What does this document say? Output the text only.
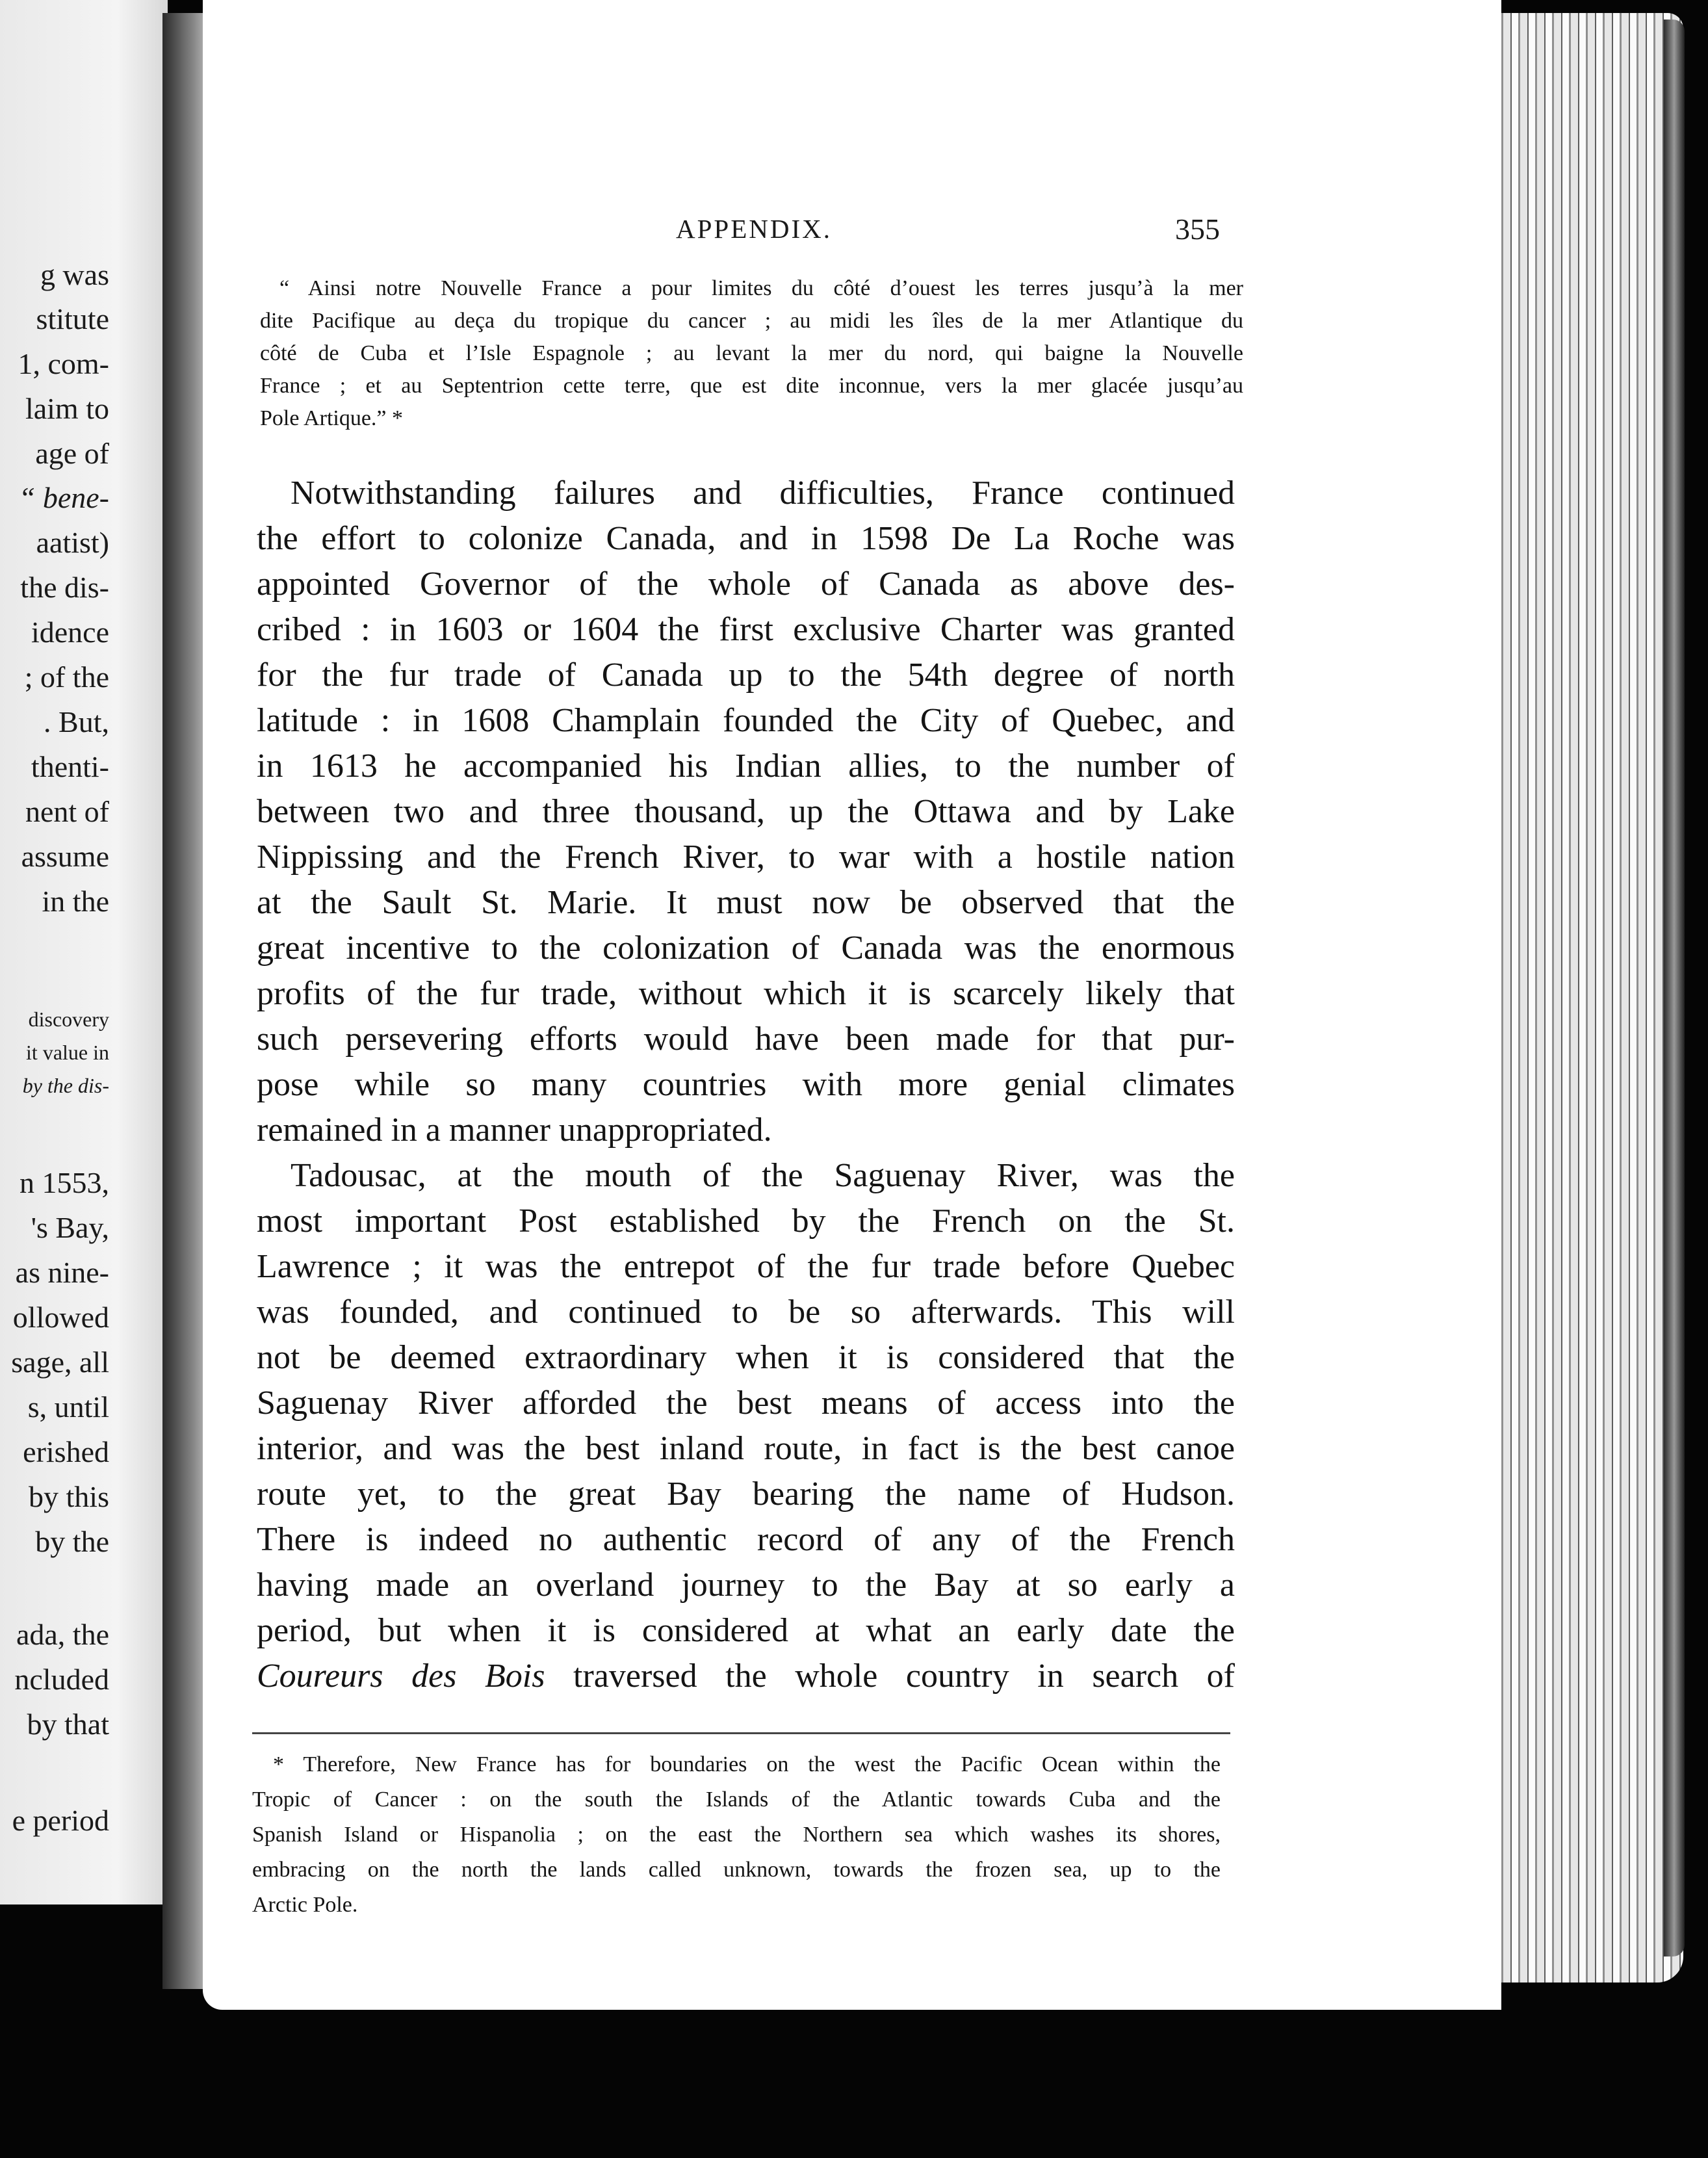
g was
stitute
1, com-
laim to
age of
“ bene-
aatist)
the dis-
idence
; of the
. But,
thenti-
nent of
assume
in the
discovery
it value in
by the dis-
n 1553,
's Bay,
as nine-
ollowed
sage, all
s, until
erished
by this
by the
ada, the
ncluded
by that
e period
APPENDIX.	355
“ Ainsi notre Nouvelle France a pour limites du côté d’ouest les terres jusqu’à la mer
dite Pacifique au deça du tropique du cancer ; au midi les îles de la mer Atlantique du
côté de Cuba et l’Isle Espagnole ; au levant la mer du nord, qui baigne la Nouvelle
France ; et au Septentrion cette terre, que est dite inconnue, vers la mer glacée jusqu’au
Pole Artique.” *
Notwithstanding failures and difficulties, France continued
the effort to colonize Canada, and in 1598 De La Roche was
appointed Governor of the whole of Canada as above des-
cribed : in 1603 or 1604 the first exclusive Charter was granted
for the fur trade of Canada up to the 54th degree of north
latitude : in 1608 Champlain founded the City of Quebec, and
in 1613 he accompanied his Indian allies, to the number of
between two and three thousand, up the Ottawa and by Lake
Nippissing and the French River, to war with a hostile nation
at the Sault St. Marie. It must now be observed that the
great incentive to the colonization of Canada was the enormous
profits of the fur trade, without which it is scarcely likely that
such persevering efforts would have been made for that pur-
pose while so many countries with more genial climates
remained in a manner unappropriated.
Tadousac, at the mouth of the Saguenay River, was the
most important Post established by the French on the St.
Lawrence ; it was the entrepot of the fur trade before Quebec
was founded, and continued to be so afterwards. This will
not be deemed extraordinary when it is considered that the
Saguenay River afforded the best means of access into the
interior, and was the best inland route, in fact is the best canoe
route yet, to the great Bay bearing the name of Hudson.
There is indeed no authentic record of any of the French
having made an overland journey to the Bay at so early a
period, but when it is considered at what an early date the
Coureurs des Bois traversed the whole country in search of
* Therefore, New France has for boundaries on the west the Pacific Ocean within the
Tropic of Cancer : on the south the Islands of the Atlantic towards Cuba and the
Spanish Island or Hispanolia ; on the east the Northern sea which washes its shores,
embracing on the north the lands called unknown, towards the frozen sea, up to the
Arctic Pole.
